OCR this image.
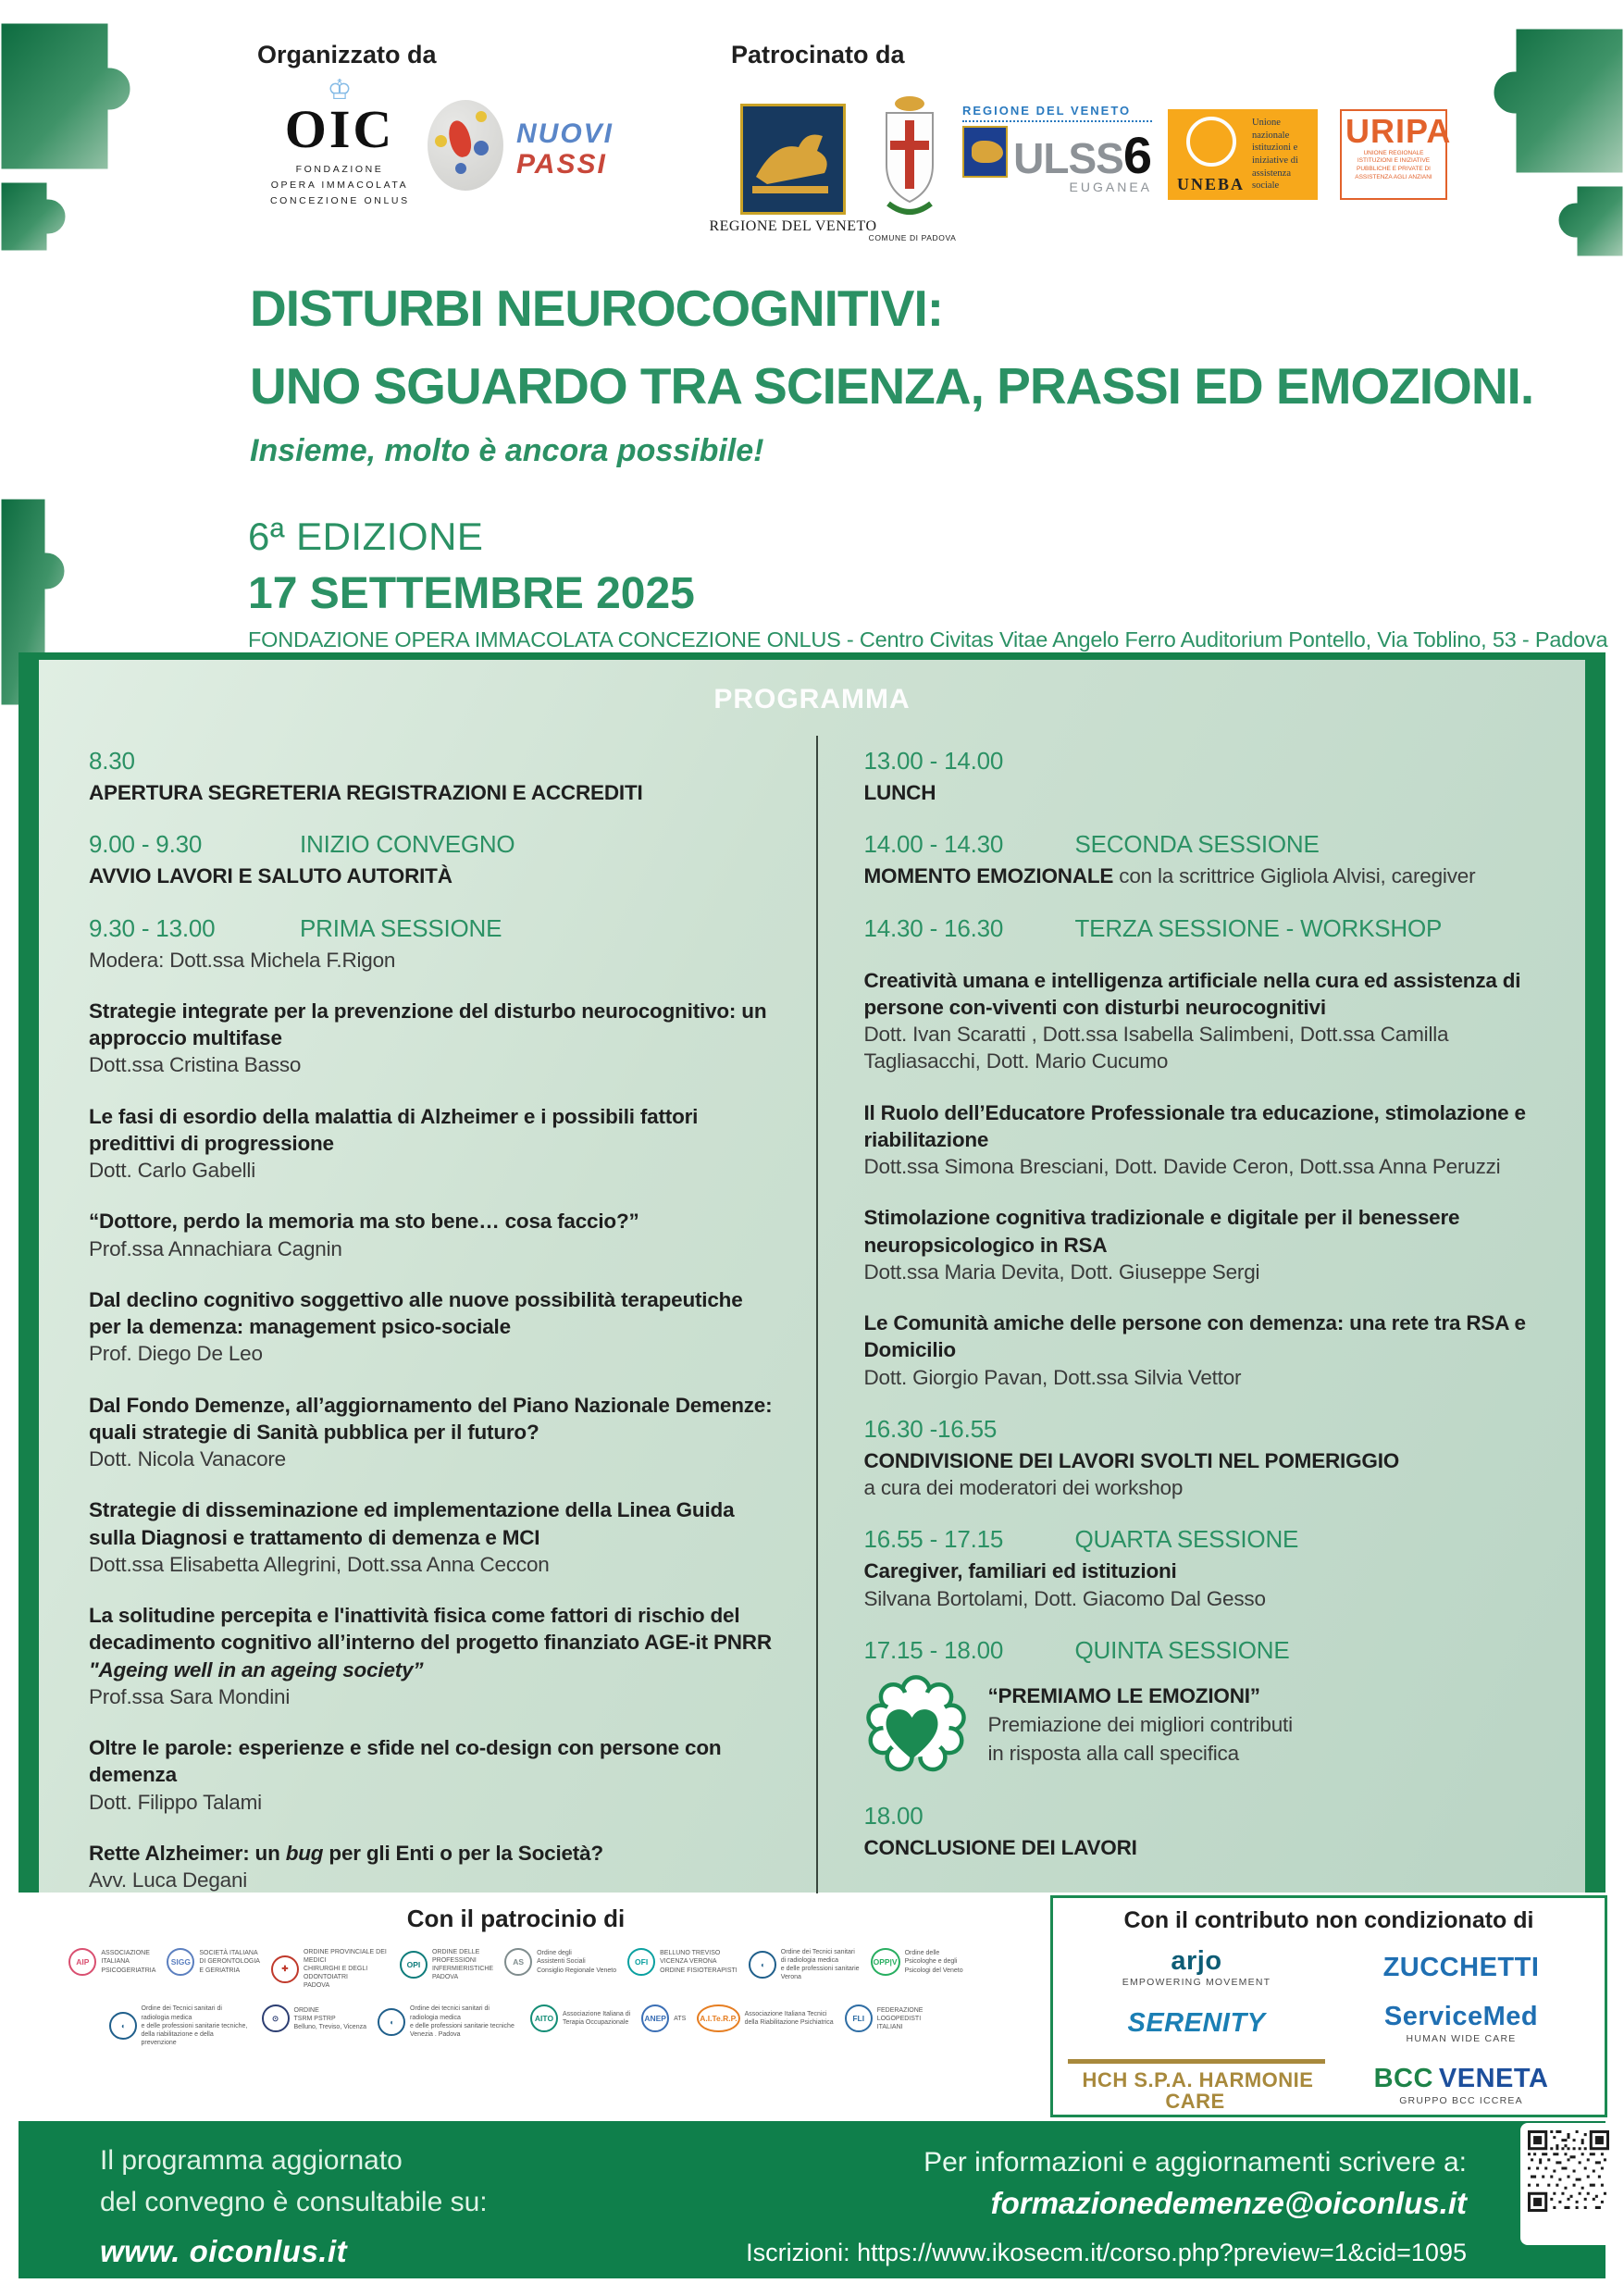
Organizzato da	Patrocinato da
♔
OIC
FONDAZIONE
OPERA IMMACOLATA
CONCEZIONE ONLUS
NUOVI
PASSI
REGIONE DEL VENETO
COMUNE DI PADOVA
REGIONE DEL VENETO
ULSS 6
EUGANEA UNEBA
Unione nazionale istituzioni e iniziative di assistenza sociale
URIPA
UNIONE REGIONALE ISTITUZIONI E INIZIATIVE PUBBLICHE E PRIVATE DI ASSISTENZA AGLI ANZIANI
DISTURBI NEUROCOGNITIVI:
UNO SGUARDO TRA SCIENZA, PRASSI ED EMOZIONI.
Insieme, molto è ancora possibile!
6ª EDIZIONE
17 SETTEMBRE 2025
FONDAZIONE OPERA IMMACOLATA CONCEZIONE ONLUS - Centro Civitas Vitae Angelo Ferro Auditorium Pontello, Via Toblino, 53 - Padova
PROGRAMMA
8.30
APERTURA SEGRETERIA REGISTRAZIONI E ACCREDITI
9.00 - 9.30	INIZIO CONVEGNO
AVVIO LAVORI E SALUTO AUTORITÀ
9.30 - 13.00	PRIMA SESSIONE
Modera: Dott.ssa Michela F.Rigon
Strategie integrate per la prevenzione del disturbo neurocognitivo: un approccio multifase
Dott.ssa Cristina Basso
Le fasi di esordio della malattia di Alzheimer e i possibili fattori predittivi di progressione
Dott. Carlo Gabelli
“Dottore, perdo la memoria ma sto bene… cosa faccio?”
Prof.ssa Annachiara Cagnin
Dal declino cognitivo soggettivo alle nuove possibilità terapeutiche per la demenza: management psico-sociale
Prof. Diego De Leo
Dal Fondo Demenze, all’aggiornamento del Piano Nazionale Demenze: quali strategie di Sanità pubblica per il futuro?
Dott. Nicola Vanacore
Strategie di disseminazione ed implementazione della Linea Guida sulla Diagnosi e trattamento di demenza e MCI
Dott.ssa Elisabetta Allegrini, Dott.ssa Anna Ceccon
La solitudine percepita e l'inattività fisica come fattori di rischio del decadimento cognitivo all’interno del progetto finanziato AGE-it PNRR "Ageing well in an ageing society”
Prof.ssa Sara Mondini
Oltre le parole: esperienze e sfide nel co-design con persone con demenza
Dott. Filippo Talami
Rette Alzheimer: un bug per gli Enti o per la Società?
Avv. Luca Degani
13.00 - 14.00
LUNCH
14.00 - 14.30	SECONDA SESSIONE
MOMENTO EMOZIONALE con la scrittrice Gigliola Alvisi, caregiver
14.30 - 16.30	TERZA SESSIONE - WORKSHOP
Creatività umana e intelligenza artificiale nella cura ed assistenza di persone con-viventi con disturbi neurocognitivi
Dott. Ivan Scaratti , Dott.ssa Isabella Salimbeni, Dott.ssa Camilla Tagliasacchi, Dott. Mario Cucumo
Il Ruolo dell’Educatore Professionale tra educazione, stimolazione e riabilitazione
Dott.ssa Simona Bresciani, Dott. Davide Ceron, Dott.ssa Anna Peruzzi
Stimolazione cognitiva tradizionale e digitale per il benessere neuropsicologico in RSA
Dott.ssa Maria Devita, Dott. Giuseppe Sergi
Le Comunità amiche delle persone con demenza: una rete tra RSA e Domicilio
Dott. Giorgio Pavan, Dott.ssa Silvia Vettor
16.30 -16.55
CONDIVISIONE DEI LAVORI SVOLTI NEL POMERIGGIO
a cura dei moderatori dei workshop
16.55 - 17.15	QUARTA SESSIONE
Caregiver, familiari ed istituzioni
Silvana Bortolami, Dott. Giacomo Dal Gesso
17.15 - 18.00	QUINTA SESSIONE
“PREMIAMO LE EMOZIONI”
Premiazione dei migliori contributi
in risposta alla call specifica
18.00
CONCLUSIONE DEI LAVORI
Con il patrocinio di
AIP
ASSOCIAZIONE
ITALIANA
PSICOGERIATRIA
SIGG
SOCIETÀ ITALIANA
DI GERONTOLOGIA
E GERIATRIA	✚
ORDINE PROVINCIALE DEI MEDICI
CHIRURGHI E DEGLI ODONTOIATRI
PADOVA
OPI
ORDINE DELLE
PROFESSIONI
INFERMIERISTICHE
PADOVA
AS
Ordine degli
Assistenti Sociali
Consiglio Regionale Veneto
OFI
BELLUNO TREVISO
VICENZA VERONA
ORDINE FISIOTERAPISTI
◖
Ordine dei Tecnici sanitari
di radiologia medica
e delle professioni sanitarie
Verona
OPP|V
Ordine delle
Psicologhe e degli
Psicologi del Veneto
◖
Ordine dei Tecnici sanitari di radiologia medica
e delle professioni sanitarie tecniche,
della riabilitazione e della prevenzione
⊙
ORDINE
TSRM PSTRP
Belluno, Treviso, Vicenza
◖
Ordine dei tecnici sanitari di radiologia medica
e delle professioni sanitarie tecniche
Venezia . Padova
AITO	Associazione Italiana di
Terapia Occupazionale	ANEP	ATS	A.I.Te.R.P.	Associazione Italiana Tecnici
della Riabilitazione Psichiatrica	FLI
FEDERAZIONE
LOGOPEDISTI
ITALIANI
Con il contributo non condizionato di
arjo
EMPOWERING MOVEMENT
ZUCCHETTI
SERENITY	ServiceMed
HUMAN WIDE CARE
HCH S.P.A. HARMONIE CARE
BCC VENETA
GRUPPO BCC ICCREA
Il programma aggiornato
del convegno è consultabile su:
www. oiconlus.it
Per informazioni e aggiornamenti scrivere a:
formazionedemenze@oiconlus.it
Iscrizioni: https://www.ikosecm.it/corso.php?preview=1&cid=1095
